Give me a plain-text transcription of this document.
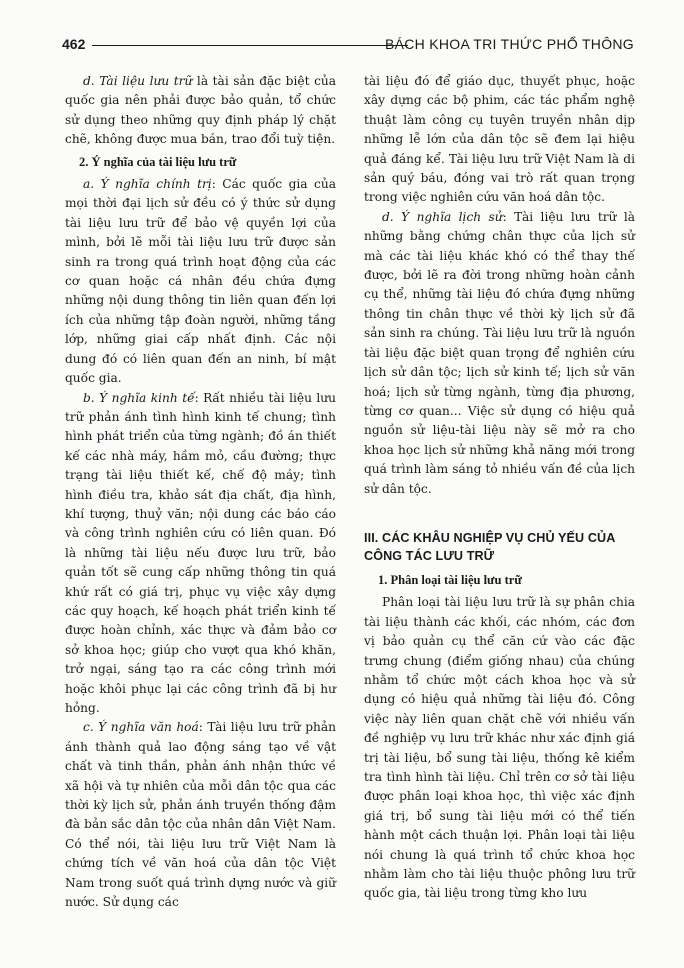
462	BÁCH KHOA TRI THỨC PHỔ THÔNG

d. Tài liệu lưu trữ là tài sản đặc biệt của quốc gia nên phải được bảo quản, tổ chức sử dụng theo những quy định pháp lý chặt chẽ, không được mua bán, trao đổi tuỳ tiện.

2. Ý nghĩa của tài liệu lưu trữ

a. Ý nghĩa chính trị: Các quốc gia của mọi thời đại lịch sử đều có ý thức sử dụng tài liệu lưu trữ để bảo vệ quyền lợi của mình, bởi lẽ mỗi tài liệu lưu trữ được sản sinh ra trong quá trình hoạt động của các cơ quan hoặc cá nhân đều chứa đựng những nội dung thông tin liên quan đến lợi ích của những tập đoàn người, những tầng lớp, những giai cấp nhất định. Các nội dung đó có liên quan đến an ninh, bí mật quốc gia.

b. Ý nghĩa kinh tế: Rất nhiều tài liệu lưu trữ phản ánh tình hình kinh tế chung; tình hình phát triển của từng ngành; đồ án thiết kế các nhà máy, hầm mỏ, cầu đường; thực trạng tài liệu thiết kế, chế độ máy; tình hình điều tra, khảo sát địa chất, địa hình, khí tượng, thuỷ văn; nội dung các báo cáo và công trình nghiên cứu có liên quan. Đó là những tài liệu nếu được lưu trữ, bảo quản tốt sẽ cung cấp những thông tin quá khứ rất có giá trị, phục vụ việc xây dựng các quy hoạch, kế hoạch phát triển kinh tế được hoàn chỉnh, xác thực và đảm bảo cơ sở khoa học; giúp cho vượt qua khó khăn, trở ngại, sáng tạo ra các công trình mới hoặc khôi phục lại các công trình đã bị hư hỏng.

c. Ý nghĩa văn hoá: Tài liệu lưu trữ phản ánh thành quả lao động sáng tạo về vật chất và tinh thần, phản ánh nhận thức về xã hội và tự nhiên của mỗi dân tộc qua các thời kỳ lịch sử, phản ánh truyền thống đậm đà bản sắc dân tộc của nhân dân Việt Nam. Có thể nói, tài liệu lưu trữ Việt Nam là chứng tích về văn hoá của dân tộc Việt Nam trong suốt quá trình dựng nước và giữ nước. Sử dụng các

tài liệu đó để giáo dục, thuyết phục, hoặc xây dựng các bộ phim, các tác phẩm nghệ thuật làm công cụ tuyên truyền nhân dịp những lễ lớn của dân tộc sẽ đem lại hiệu quả đáng kể. Tài liệu lưu trữ Việt Nam là di sản quý báu, đóng vai trò rất quan trọng trong việc nghiên cứu văn hoá dân tộc.

d. Ý nghĩa lịch sử: Tài liệu lưu trữ là những bằng chứng chân thực của lịch sử mà các tài liệu khác khó có thể thay thế được, bởi lẽ ra đời trong những hoàn cảnh cụ thể, những tài liệu đó chứa đựng những thông tin chân thực về thời kỳ lịch sử đã sản sinh ra chúng. Tài liệu lưu trữ là nguồn tài liệu đặc biệt quan trọng để nghiên cứu lịch sử dân tộc; lịch sử kinh tế; lịch sử văn hoá; lịch sử từng ngành, từng địa phương, từng cơ quan... Việc sử dụng có hiệu quả nguồn sử liệu-tài liệu này sẽ mở ra cho khoa học lịch sử những khả năng mới trong quá trình làm sáng tỏ nhiều vấn đề của lịch sử dân tộc.

III. CÁC KHÂU NGHIỆP VỤ CHỦ YẾU CỦA CÔNG TÁC LƯU TRỮ

1. Phân loại tài liệu lưu trữ

Phân loại tài liệu lưu trữ là sự phân chia tài liệu thành các khối, các nhóm, các đơn vị bảo quản cụ thể căn cứ vào các đặc trưng chung (điểm giống nhau) của chúng nhằm tổ chức một cách khoa học và sử dụng có hiệu quả những tài liệu đó. Công việc này liên quan chặt chẽ với nhiều vấn đề nghiệp vụ lưu trữ khác như xác định giá trị tài liệu, bổ sung tài liệu, thống kê kiểm tra tình hình tài liệu. Chỉ trên cơ sở tài liệu được phân loại khoa học, thì việc xác định giá trị, bổ sung tài liệu mới có thể tiến hành một cách thuận lợi. Phân loại tài liệu nói chung là quá trình tổ chức khoa học nhằm làm cho tài liệu thuộc phông lưu trữ quốc gia, tài liệu trong từng kho lưu
